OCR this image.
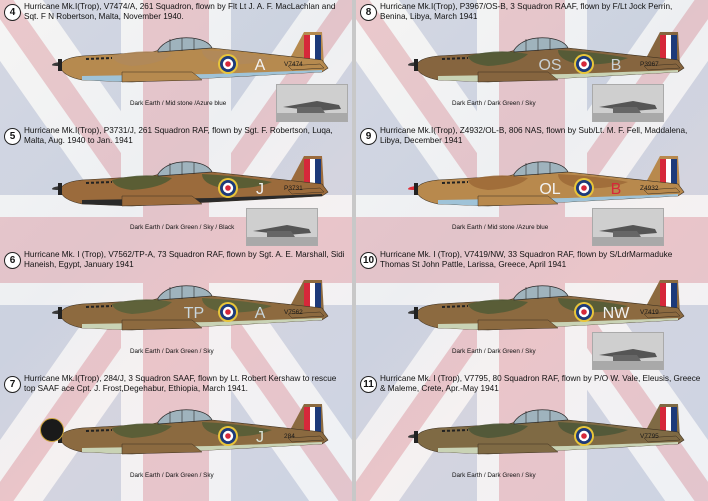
4
Hurricane Mk.I(Trop), V7474/A, 261 Squadron, flown by Flt Lt J. A. F. MacLachlan and Sqt. F N Robertson, Malta, November 1940.
A	V7474
Dark Earth / Mid stone /Azure blue
5
Hurricane Mk.I(Trop), P3731/J, 261 Squadron RAF, flown by Sgt. F. Robertson, Luqa, Malta, Aug. 1940 to Jan. 1941
J	P3731
Dark Earth / Dark Green / Sky / Black
6
Hurricane Mk. I (Trop), V7562/TP-A, 73 Squadron RAF, flown by Sgt. A. E. Marshall, Sidi Haneish, Egypt, January 1941
TP	A	V7562
Dark Earth / Dark Green / Sky
7
Hurricane Mk.I(Trop), 284/J, 3 Squadron SAAF, flown by Lt. Robert Kershaw to rescue top SAAF ace Cpt. J. Frost,Degehabur, Ethiopia, March 1941.
J	284
Dark Earth / Dark Green / Sky
8
Hurricane Mk.I(Trop), P3967/OS-B, 3 Squadron RAAF, flown by F/Lt Jock Perrin, Benina, Libya, March 1941
OS	B	P3967
Dark Earth / Dark Green / Sky
9
Hurricane Mk.I(Trop), Z4932/OL-B, 806 NAS, flown by Sub/Lt. M. F. Fell, Maddalena, Libya, December 1941
OL	B	Z4932
Dark Earth / Mid stone /Azure blue
10
Hurricane Mk. I (Trop), V7419/NW, 33 Squadron RAF, flown by S/LdrMarmaduke Thomas St John Pattle, Larissa, Greece, April 1941
NW V7419
Dark Earth / Dark Green / Sky
11
Hurricane Mk. I (Trop), V7795, 80 Squadron RAF, flown by P/O W. Vale, Eleusis, Greece & Maleme, Crete, Apr.-May 1941
V7795
Dark Earth / Dark Green / Sky
